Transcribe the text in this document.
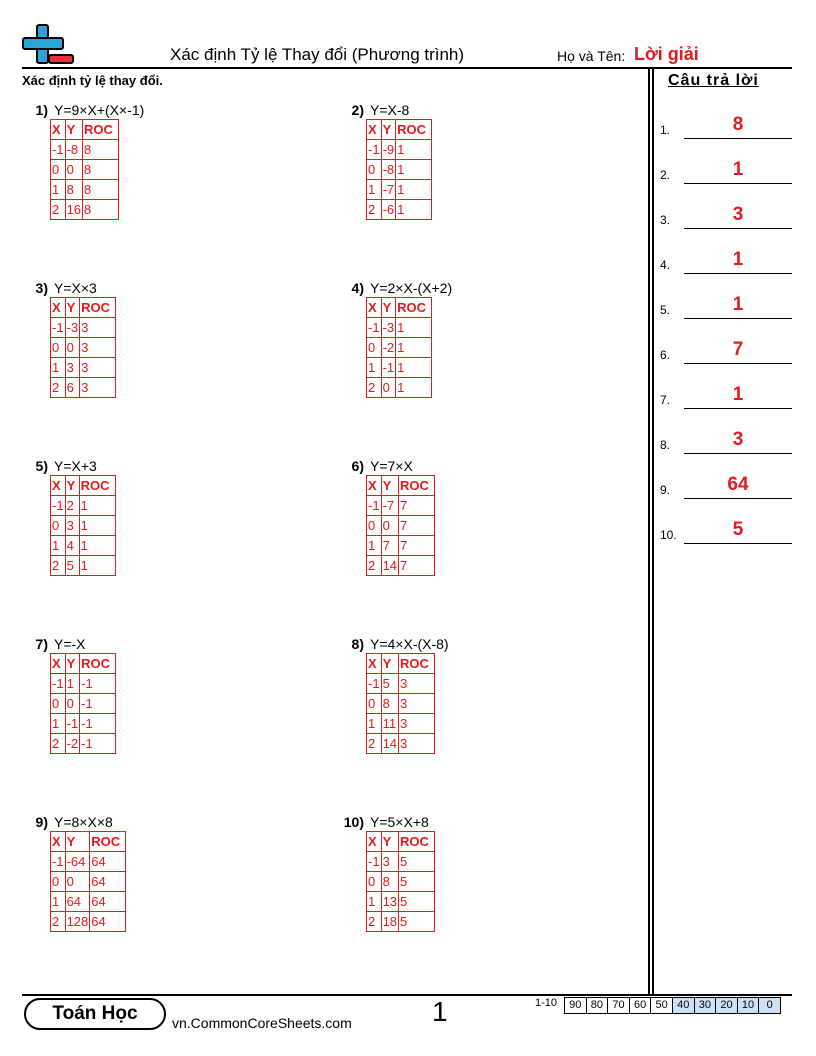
Xác định Tỷ lệ Thay đổi (Phương trình)	Họ và Tên: Lời giải
Xác định tỷ lệ thay đổi.
1) Y=9×X+(X×-1)
X	Y	ROC
-1	-8	8
0	0	8
1	8	8
2	16	8
2) Y=X-8
X	Y	ROC
-1	-9	1
0	-8	1
1	-7	1
2	-6	1
3) Y=X×3
X	Y	ROC
-1	-3	3
0	0	3
1	3	3
2	6	3
4) Y=2×X-(X+2)
X	Y	ROC
-1	-3	1
0	-2	1
1	-1	1
2	0	1
5) Y=X+3
X	Y	ROC
-1	2	1
0	3	1
1	4	1
2	5	1
6) Y=7×X
X	Y	ROC
-1	-7	7
0	0	7
1	7	7
2	14	7
7) Y=-X
X	Y	ROC
-1	1	-1
0	0	-1
1	-1	-1
2	-2	-1
8) Y=4×X-(X-8)
X	Y	ROC
-1	5	3
0	8	3
1	11	3
2	14	3
9) Y=8×X×8
X	Y	ROC
-1	-64	64
0	0	64
1	64	64
2	128	64
10) Y=5×X+8
X	Y	ROC
-1	3	5
0	8	5
1	13	5
2	18	5
Câu trả lời
1.	8
2.	1
3.	3
4.	1
5.	1
6.	7
7.	1
8.	3
9.	64
10.	5
Toán Học	vn.CommonCoreSheets.com	1	1-10	90 80 70 60 50 40 30 20 10	0
